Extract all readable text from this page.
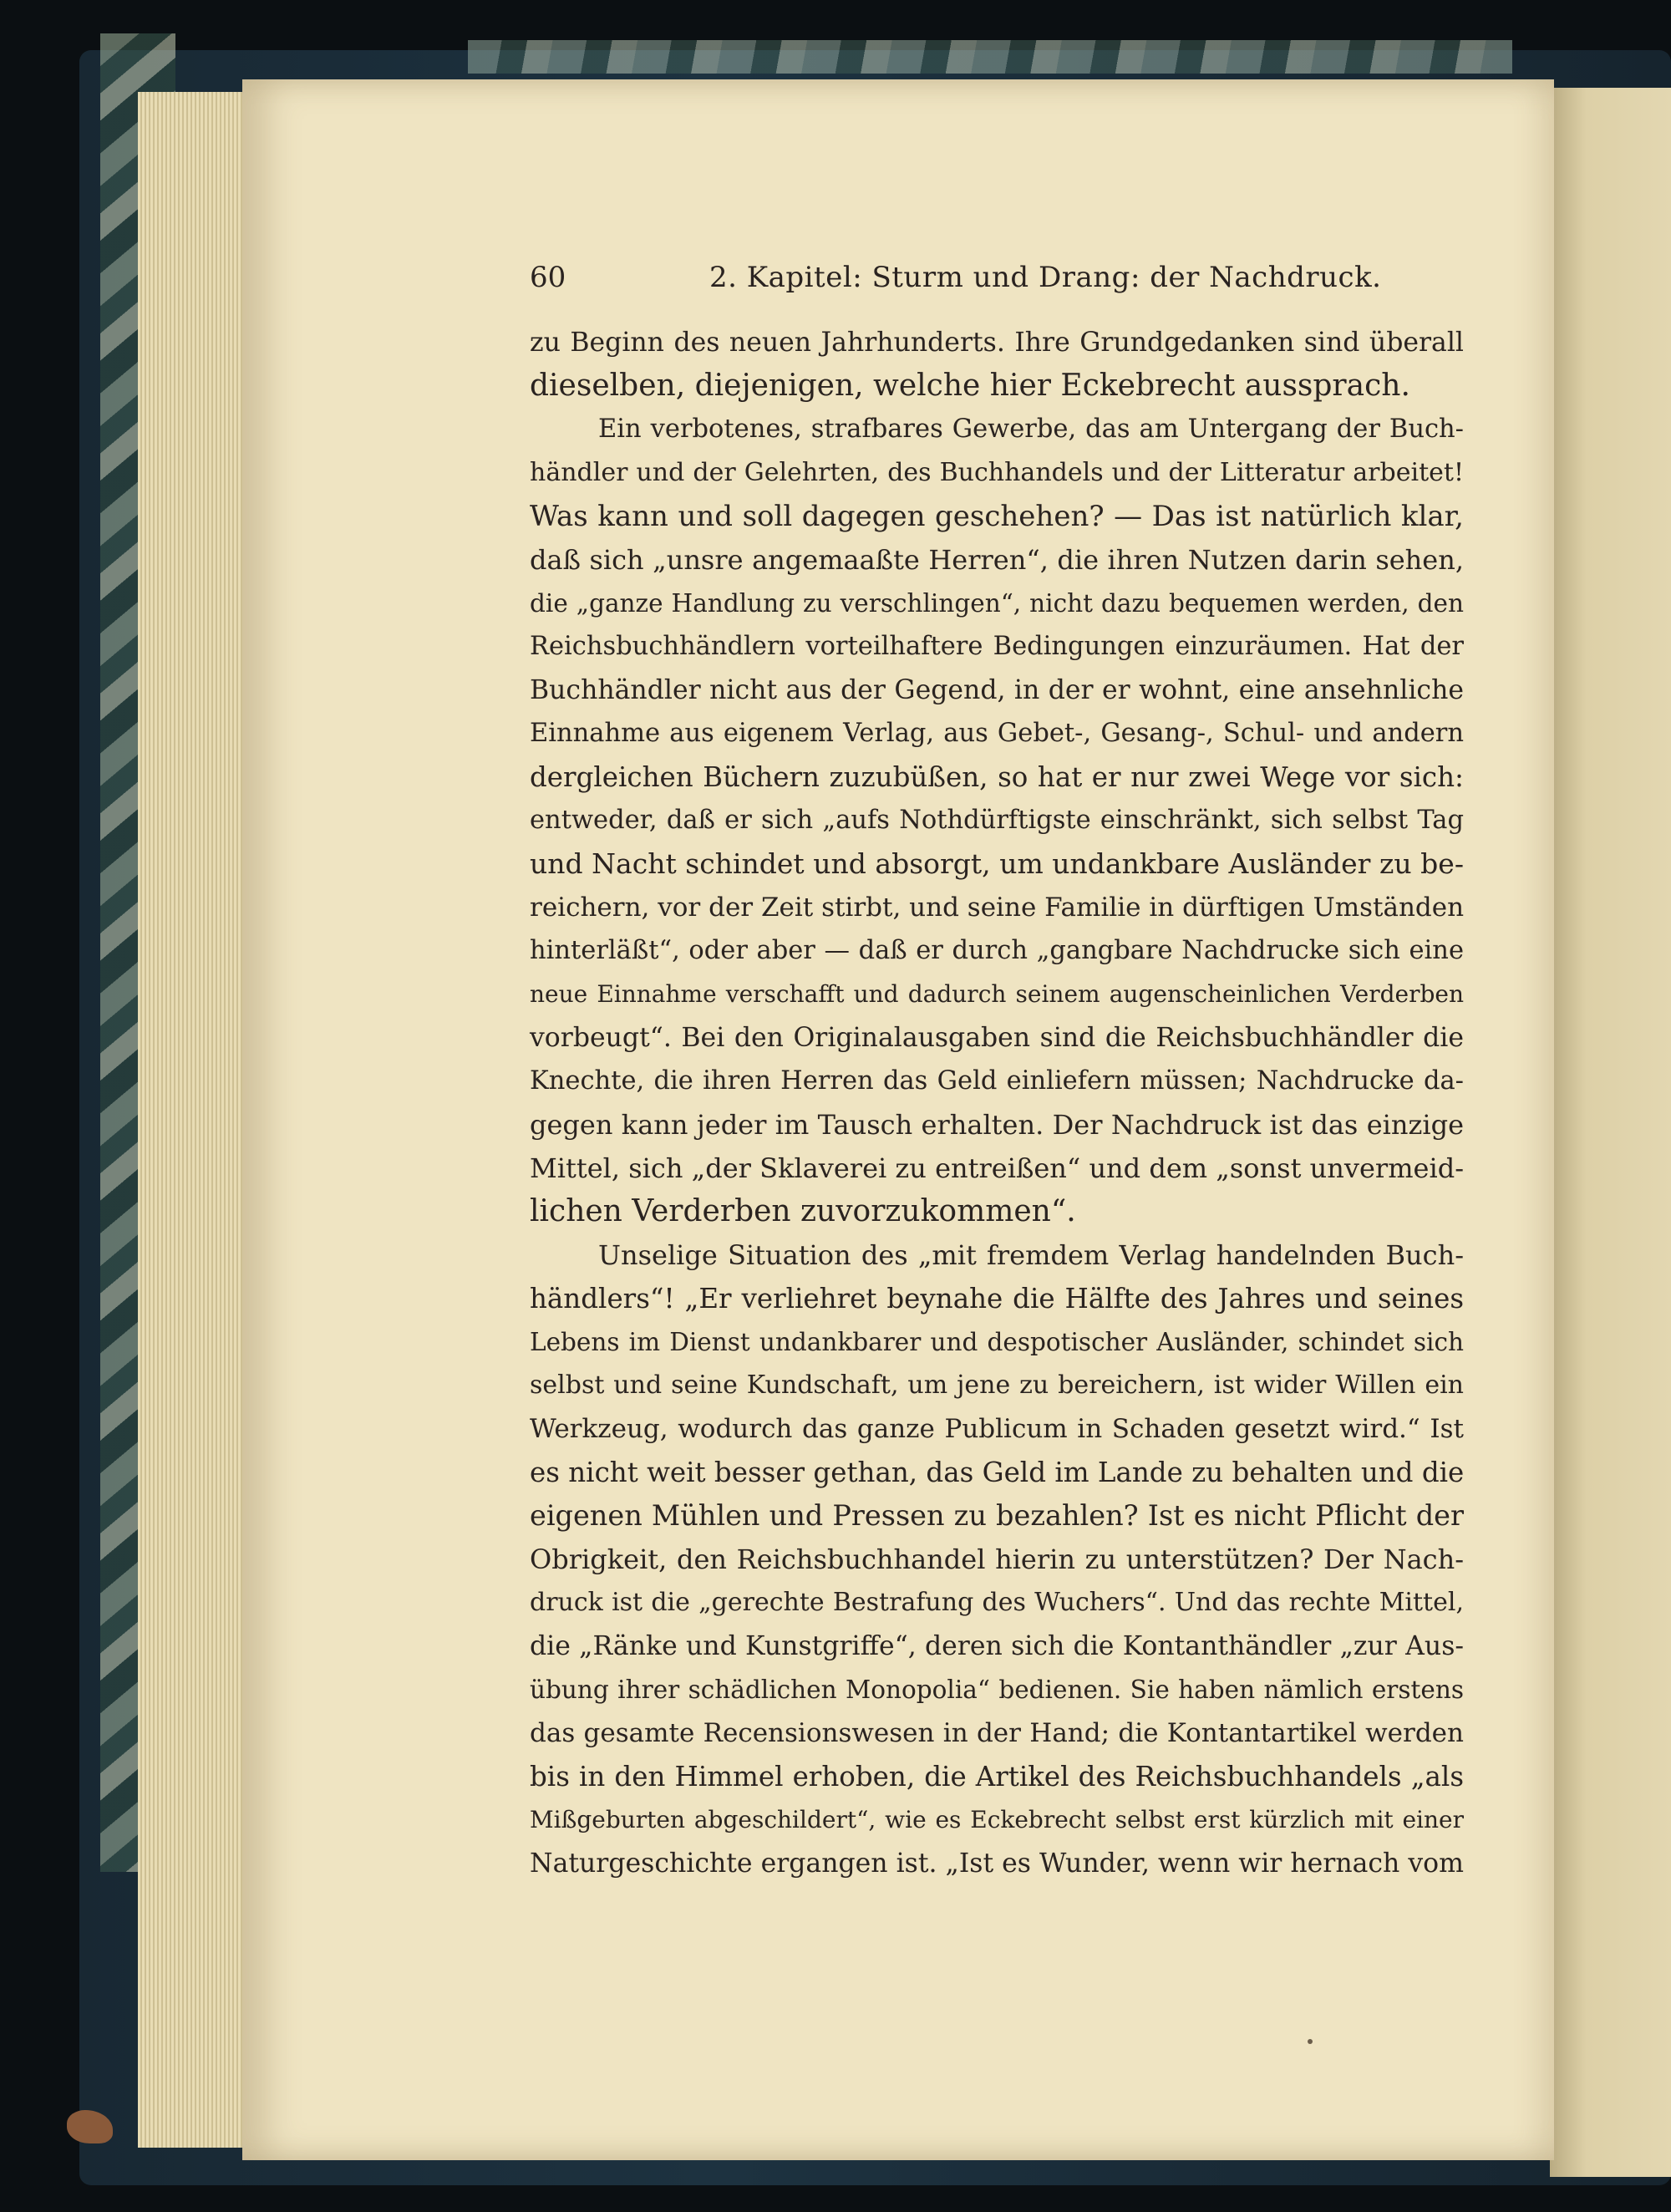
60	2. Kapitel: Sturm und Drang: der Nachdruck.
zu Beginn des neuen Jahrhunderts. Ihre Grundgedanken sind überall
dieselben, diejenigen, welche hier Eckebrecht aussprach.
Ein verbotenes, strafbares Gewerbe, das am Untergang der Buch-
händler und der Gelehrten, des Buchhandels und der Litteratur arbeitet!
Was kann und soll dagegen geschehen? — Das ist natürlich klar,
daß sich „unsre angemaaßte Herren“, die ihren Nutzen darin sehen,
die „ganze Handlung zu verschlingen“, nicht dazu bequemen werden, den
Reichsbuchhändlern vorteilhaftere Bedingungen einzuräumen. Hat der
Buchhändler nicht aus der Gegend, in der er wohnt, eine ansehnliche
Einnahme aus eigenem Verlag, aus Gebet-, Gesang-, Schul- und andern
dergleichen Büchern zuzubüßen, so hat er nur zwei Wege vor sich:
entweder, daß er sich „aufs Nothdürftigste einschränkt, sich selbst Tag
und Nacht schindet und absorgt, um undankbare Ausländer zu be-
reichern, vor der Zeit stirbt, und seine Familie in dürftigen Umständen
hinterläßt“, oder aber — daß er durch „gangbare Nachdrucke sich eine
neue Einnahme verschafft und dadurch seinem augenscheinlichen Verderben
vorbeugt“. Bei den Originalausgaben sind die Reichsbuchhändler die
Knechte, die ihren Herren das Geld einliefern müssen; Nachdrucke da-
gegen kann jeder im Tausch erhalten. Der Nachdruck ist das einzige
Mittel, sich „der Sklaverei zu entreißen“ und dem „sonst unvermeid-
lichen Verderben zuvorzukommen“.
Unselige Situation des „mit fremdem Verlag handelnden Buch-
händlers“! „Er verliehret beynahe die Hälfte des Jahres und seines
Lebens im Dienst undankbarer und despotischer Ausländer, schindet sich
selbst und seine Kundschaft, um jene zu bereichern, ist wider Willen ein
Werkzeug, wodurch das ganze Publicum in Schaden gesetzt wird.“ Ist
es nicht weit besser gethan, das Geld im Lande zu behalten und die
eigenen Mühlen und Pressen zu bezahlen? Ist es nicht Pflicht der
Obrigkeit, den Reichsbuchhandel hierin zu unterstützen? Der Nach-
druck ist die „gerechte Bestrafung des Wuchers“. Und das rechte Mittel,
die „Ränke und Kunstgriffe“, deren sich die Kontanthändler „zur Aus-
übung ihrer schädlichen Monopolia“ bedienen. Sie haben nämlich erstens
das gesamte Recensionswesen in der Hand; die Kontantartikel werden
bis in den Himmel erhoben, die Artikel des Reichsbuchhandels „als
Mißgeburten abgeschildert“, wie es Eckebrecht selbst erst kürzlich mit einer
Naturgeschichte ergangen ist. „Ist es Wunder, wenn wir hernach vom
